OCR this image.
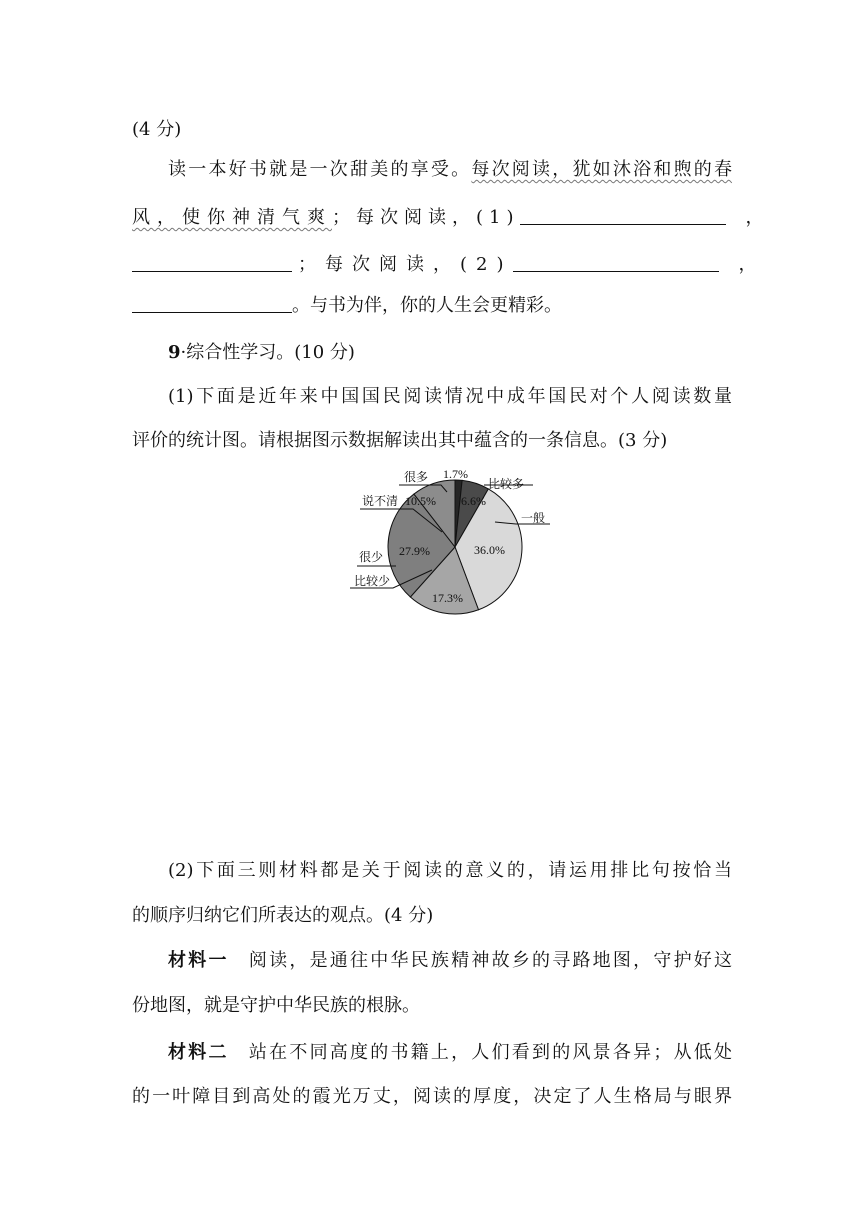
(4 分)
读一本好书就是一次甜美的享受。每次阅读，犹如沐浴和煦的春
风，使你神清气爽；每次阅读，(1)	，
；每次阅读，(2)	，
。与书为伴，你的人生会更精彩。
9·综合性学习。(10 分)
(1)下面是近年来中国国民阅读情况中成年国民对个人阅读数量
评价的统计图。请根据图示数据解读出其中蕴含的一条信息。(3 分)
很多 1.7%
比较多
6.6%
一般
36.0%
说不清 10.5%
很少 27.9%
比较少
17.3%
(2)下面三则材料都是关于阅读的意义的，请运用排比句按恰当
的顺序归纳它们所表达的观点。(4 分)
材料一　 阅读，是通往中华民族精神故乡的寻路地图，守护好这
份地图，就是守护中华民族的根脉。
材料二　 站在不同高度的书籍上，人们看到的风景各异；从低处
的一叶障目到高处的霞光万丈，阅读的厚度，决定了人生格局与眼界
